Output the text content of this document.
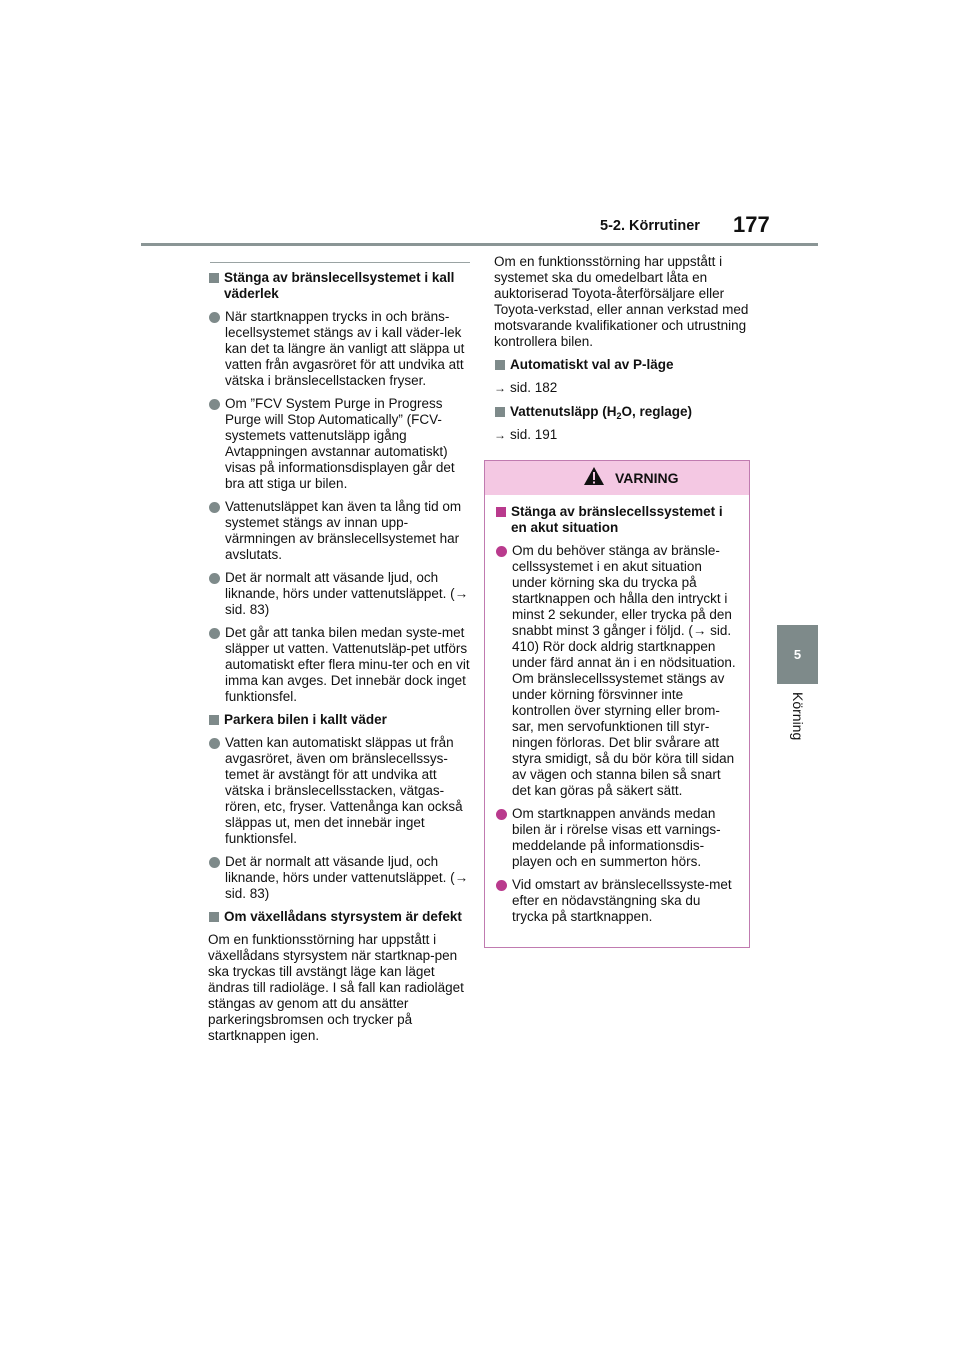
5-2. Körrutiner 177
5
Körning
Stänga av bränslecellsystemet i kall väderlek
När startknappen trycks in och bräns-lecellsystemet stängs av i kall väder-lek kan det ta längre än vanligt att släppa ut vatten från avgasröret för att undvika att vätska i bränslecellstacken fryser.
Om ”FCV System Purge in Progress Purge will Stop Automatically” (FCV-systemets vattenutsläpp igång Avtappningen avstannar automatiskt) visas på informationsdisplayen går det bra att stiga ur bilen.
Vattenutsläppet kan även ta lång tid om systemet stängs av innan upp-värmningen av bränslecellsystemet har avslutats.
Det är normalt att väsande ljud, och liknande, hörs under vattenutsläppet. (→ sid. 83)
Det går att tanka bilen medan syste-met släpper ut vatten. Vattenutsläp-pet utförs automatiskt efter flera minu-ter och en vit imma kan avges. Det innebär dock inget funktionsfel.
Parkera bilen i kallt väder
Vatten kan automatiskt släppas ut från avgasröret, även om bränslecellssys-temet är avstängt för att undvika att vätska i bränslecellsstacken, vätgas-rören, etc, fryser. Vattenånga kan också släppas ut, men det innebär inget funktionsfel.
Det är normalt att väsande ljud, och liknande, hörs under vattenutsläppet. (→ sid. 83)
Om växellådans styrsystem är defekt
Om en funktionsstörning har uppstått i växellådans styrsystem när startknap-pen ska tryckas till avstängt läge kan läget ändras till radioläge. I så fall kan radioläget stängas av genom att du ansätter parkeringsbromsen och trycker på startknappen igen.
Om en funktionsstörning har uppstått i systemet ska du omedelbart låta en auktoriserad Toyota-återförsäljare eller Toyota-verkstad, eller annan verkstad med motsvarande kvalifikationer och utrustning kontrollera bilen.
Automatiskt val av P-läge
→ sid. 182
Vattenutsläpp ($H_2O$, reglage)
→ sid. 191
VARNING
Stänga av bränslecellssystemet i en akut situation
Om du behöver stänga av bränsle-cellssystemet i en akut situation under körning ska du trycka på startknappen och hålla den intryckt i minst 2 sekunder, eller trycka på den snabbt minst 3 gånger i följd. (→ sid. 410) Rör dock aldrig startknappen under färd annat än i en nödsituation. Om bränslecellssystemet stängs av under körning försvinner inte kontrollen över styrning eller brom-sar, men servofunktionen till styr-ningen förloras. Det blir svårare att styra smidigt, så du bör köra till sidan av vägen och stanna bilen så snart det kan göras på säkert sätt.
Om startknappen används medan bilen är i rörelse visas ett varnings-meddelande på informationsdis-playen och en summerton hörs.
Vid omstart av bränslecellssyste-met efter en nödavstängning ska du trycka på startknappen.
